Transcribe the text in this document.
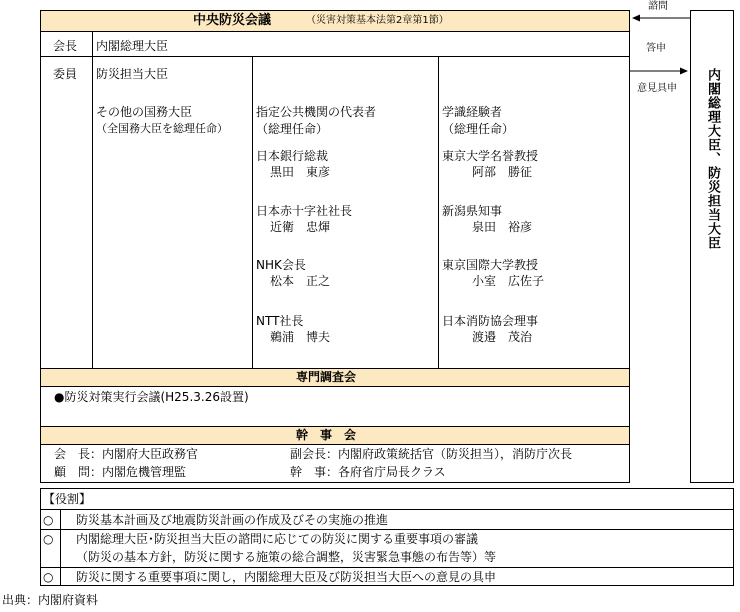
中央防災会議	（災害対策基本法第2章第1節）
会長 内閣総理大臣
委員 防災担当大臣
その他の国務大臣
（全国務大臣を総理任命）
指定公共機関の代表者
（総理任命）
日本銀行総裁
黒田　東彦
日本赤十字社社長
近衛　忠煇
NHK会長
松本　正之
NTT社長
鵜浦　博夫
学識経験者
（総理任命）
東京大学名誉教授
阿部　勝征
新潟県知事
泉田　裕彦
東京国際大学教授
小室　広佐子
日本消防協会理事
渡邉　茂治
専門調査会
●防災対策実行会議(H25.3.26設置)
幹　事　会
会　長：内閣府大臣政務官	副会長：内閣府政策統括官（防災担当），消防庁次長
顧　問：内閣危機管理監	幹　事：各府省庁局長クラス
諮問
答申
意見具申 内閣総理大臣、防災担当大臣
【役割】
○ 防災基本計画及び地震防災計画の作成及びその実施の推進
○ 内閣総理大臣･防災担当大臣の諮問に応じての防災に関する重要事項の審議
（防災の基本方針，防災に関する施策の総合調整，災害緊急事態の布告等）等
○ 防災に関する重要事項に関し，内閣総理大臣及び防災担当大臣への意見の具申
出典：内閣府資料
